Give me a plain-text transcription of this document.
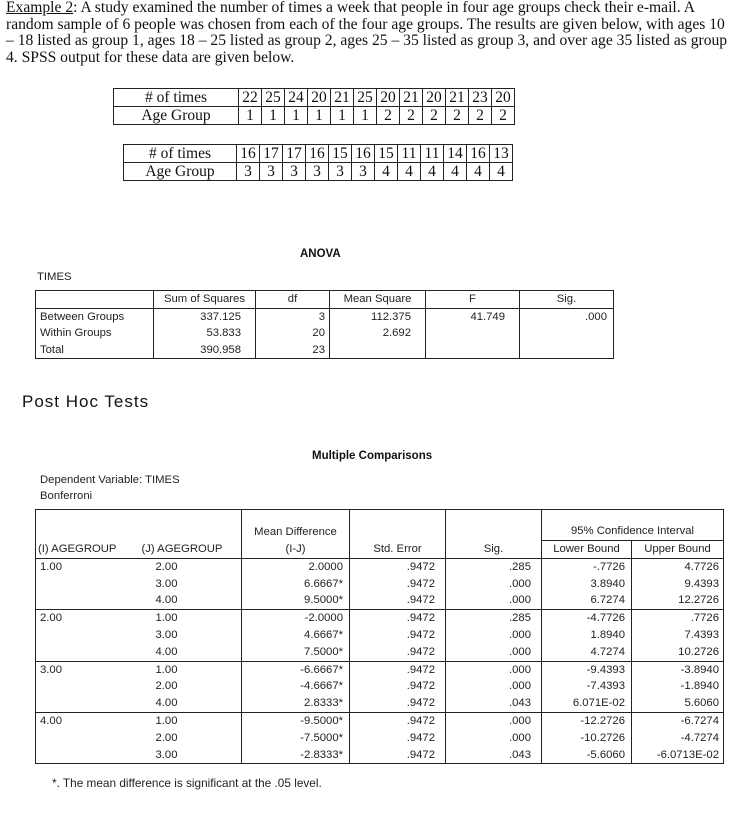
Example 2: A study examined the number of times a week that people in four age groups check their e-mail. A random sample of 6 people was chosen from each of the four age groups. The results are given below, with ages 10 – 18 listed as group 1, ages 18 – 25 listed as group 2, ages 25 – 35 listed as group 3, and over age 35 listed as group 4. SPSS output for these data are given below.
# of times	22	25	24	20	21	25	20	21	20	21	23	20
Age Group	1	1	1	1	1	1	2	2	2	2	2	2
# of times	16	17	17	16	15	16	15	11	11	14	16	13
Age Group	3	3	3	3	3	3	4	4	4	4	4	4
ANOVA
TIMES
	Sum of Squares	df	Mean Square	F	Sig.
Between Groups	337.125	3	112.375	41.749	.000
Within Groups	53.833	20	2.692		
Total	390.958	23			
Post Hoc Tests
Multiple Comparisons
Dependent Variable: TIMES
Bonferroni
		Mean Difference			95% Confidence Interval	
(I) AGEGROUP	(J) AGEGROUP	(I-J)	Std. Error	Sig.	Lower Bound	Upper Bound
1.00	2.00	2.0000	.9472	.285	-.7726	4.7726
	3.00	6.6667*	.9472	.000	3.8940	9.4393
	4.00	9.5000*	.9472	.000	6.7274	12.2726
2.00	1.00	-2.0000	.9472	.285	-4.7726	.7726
	3.00	4.6667*	.9472	.000	1.8940	7.4393
	4.00	7.5000*	.9472	.000	4.7274	10.2726
3.00	1.00	-6.6667*	.9472	.000	-9.4393	-3.8940
	2.00	-4.6667*	.9472	.000	-7.4393	-1.8940
	4.00	2.8333*	.9472	.043	6.071E-02	5.6060
4.00	1.00	-9.5000*	.9472	.000	-12.2726	-6.7274
	2.00	-7.5000*	.9472	.000	-10.2726	-4.7274
	3.00	-2.8333*	.9472	.043	-5.6060	-6.0713E-02
*. The mean difference is significant at the .05 level.
